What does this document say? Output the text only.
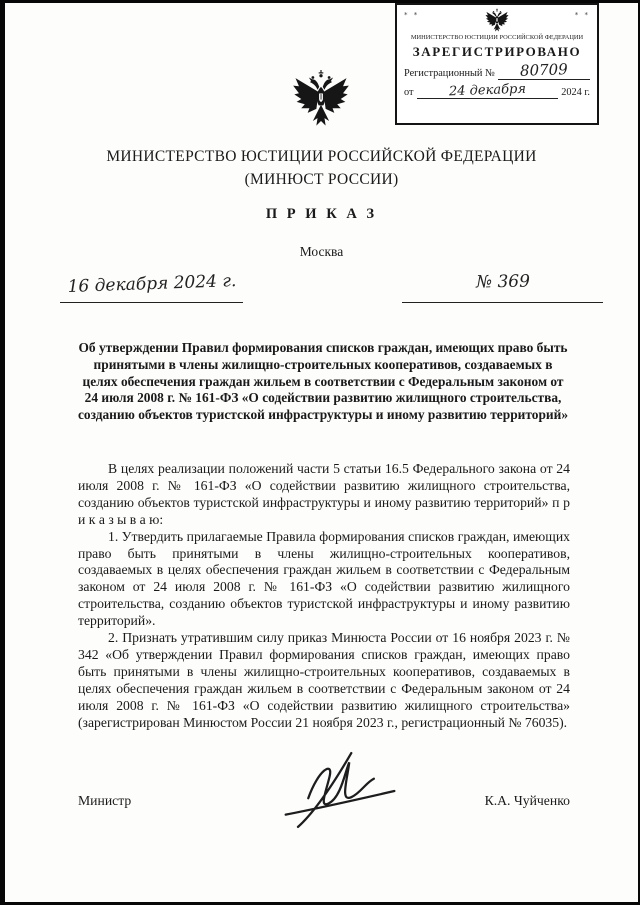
* *	* *
МИНИСТЕРСТВО ЮСТИЦИИ РОССИЙСКОЙ ФЕДЕРАЦИИ
ЗАРЕГИСТРИРОВАНО
Регистрационный №	80709
от	24 декабря	2024 г.
МИНИСТЕРСТВО ЮСТИЦИИ РОССИЙСКОЙ ФЕДЕРАЦИИ
(МИНЮСТ РОССИИ)
П Р И К А З
Москва
16 декабря 2024 г.	№ 369
Об утверждении Правил формирования списков граждан, имеющих право быть принятыми в члены жилищно-строительных кооперативов, создаваемых в целях обеспечения граждан жильем в соответствии с Федеральным законом от 24 июля 2008 г. № 161-ФЗ «О содействии развитию жилищного строительства, созданию объектов туристской инфраструктуры и иному развитию территорий»

В целях реализации положений части 5 статьи 16.5 Федерального закона от 24 июля 2008 г. № 161-ФЗ «О содействии развитию жилищного строительства, созданию объектов туристской инфраструктуры и иному развитию территорий» п р и к а з ы в а ю:

1. Утвердить прилагаемые Правила формирования списков граждан, имеющих право быть принятыми в члены жилищно-строительных кооперативов, создаваемых в целях обеспечения граждан жильем в соответствии с Федеральным законом от 24 июля 2008 г. № 161-ФЗ «О содействии развитию жилищного строительства, созданию объектов туристской инфраструктуры и иному развитию территорий».

2. Признать утратившим силу приказ Минюста России от 16 ноября 2023 г. № 342 «Об утверждении Правил формирования списков граждан, имеющих право быть принятыми в члены жилищно-строительных кооперативов, создаваемых в целях обеспечения граждан жильем в соответствии с Федеральным законом от 24 июля 2008 г. № 161-ФЗ «О содействии развитию жилищного строительства» (зарегистрирован Минюстом России 21 ноября 2023 г., регистрационный № 76035).

Министр	К.А. Чуйченко
